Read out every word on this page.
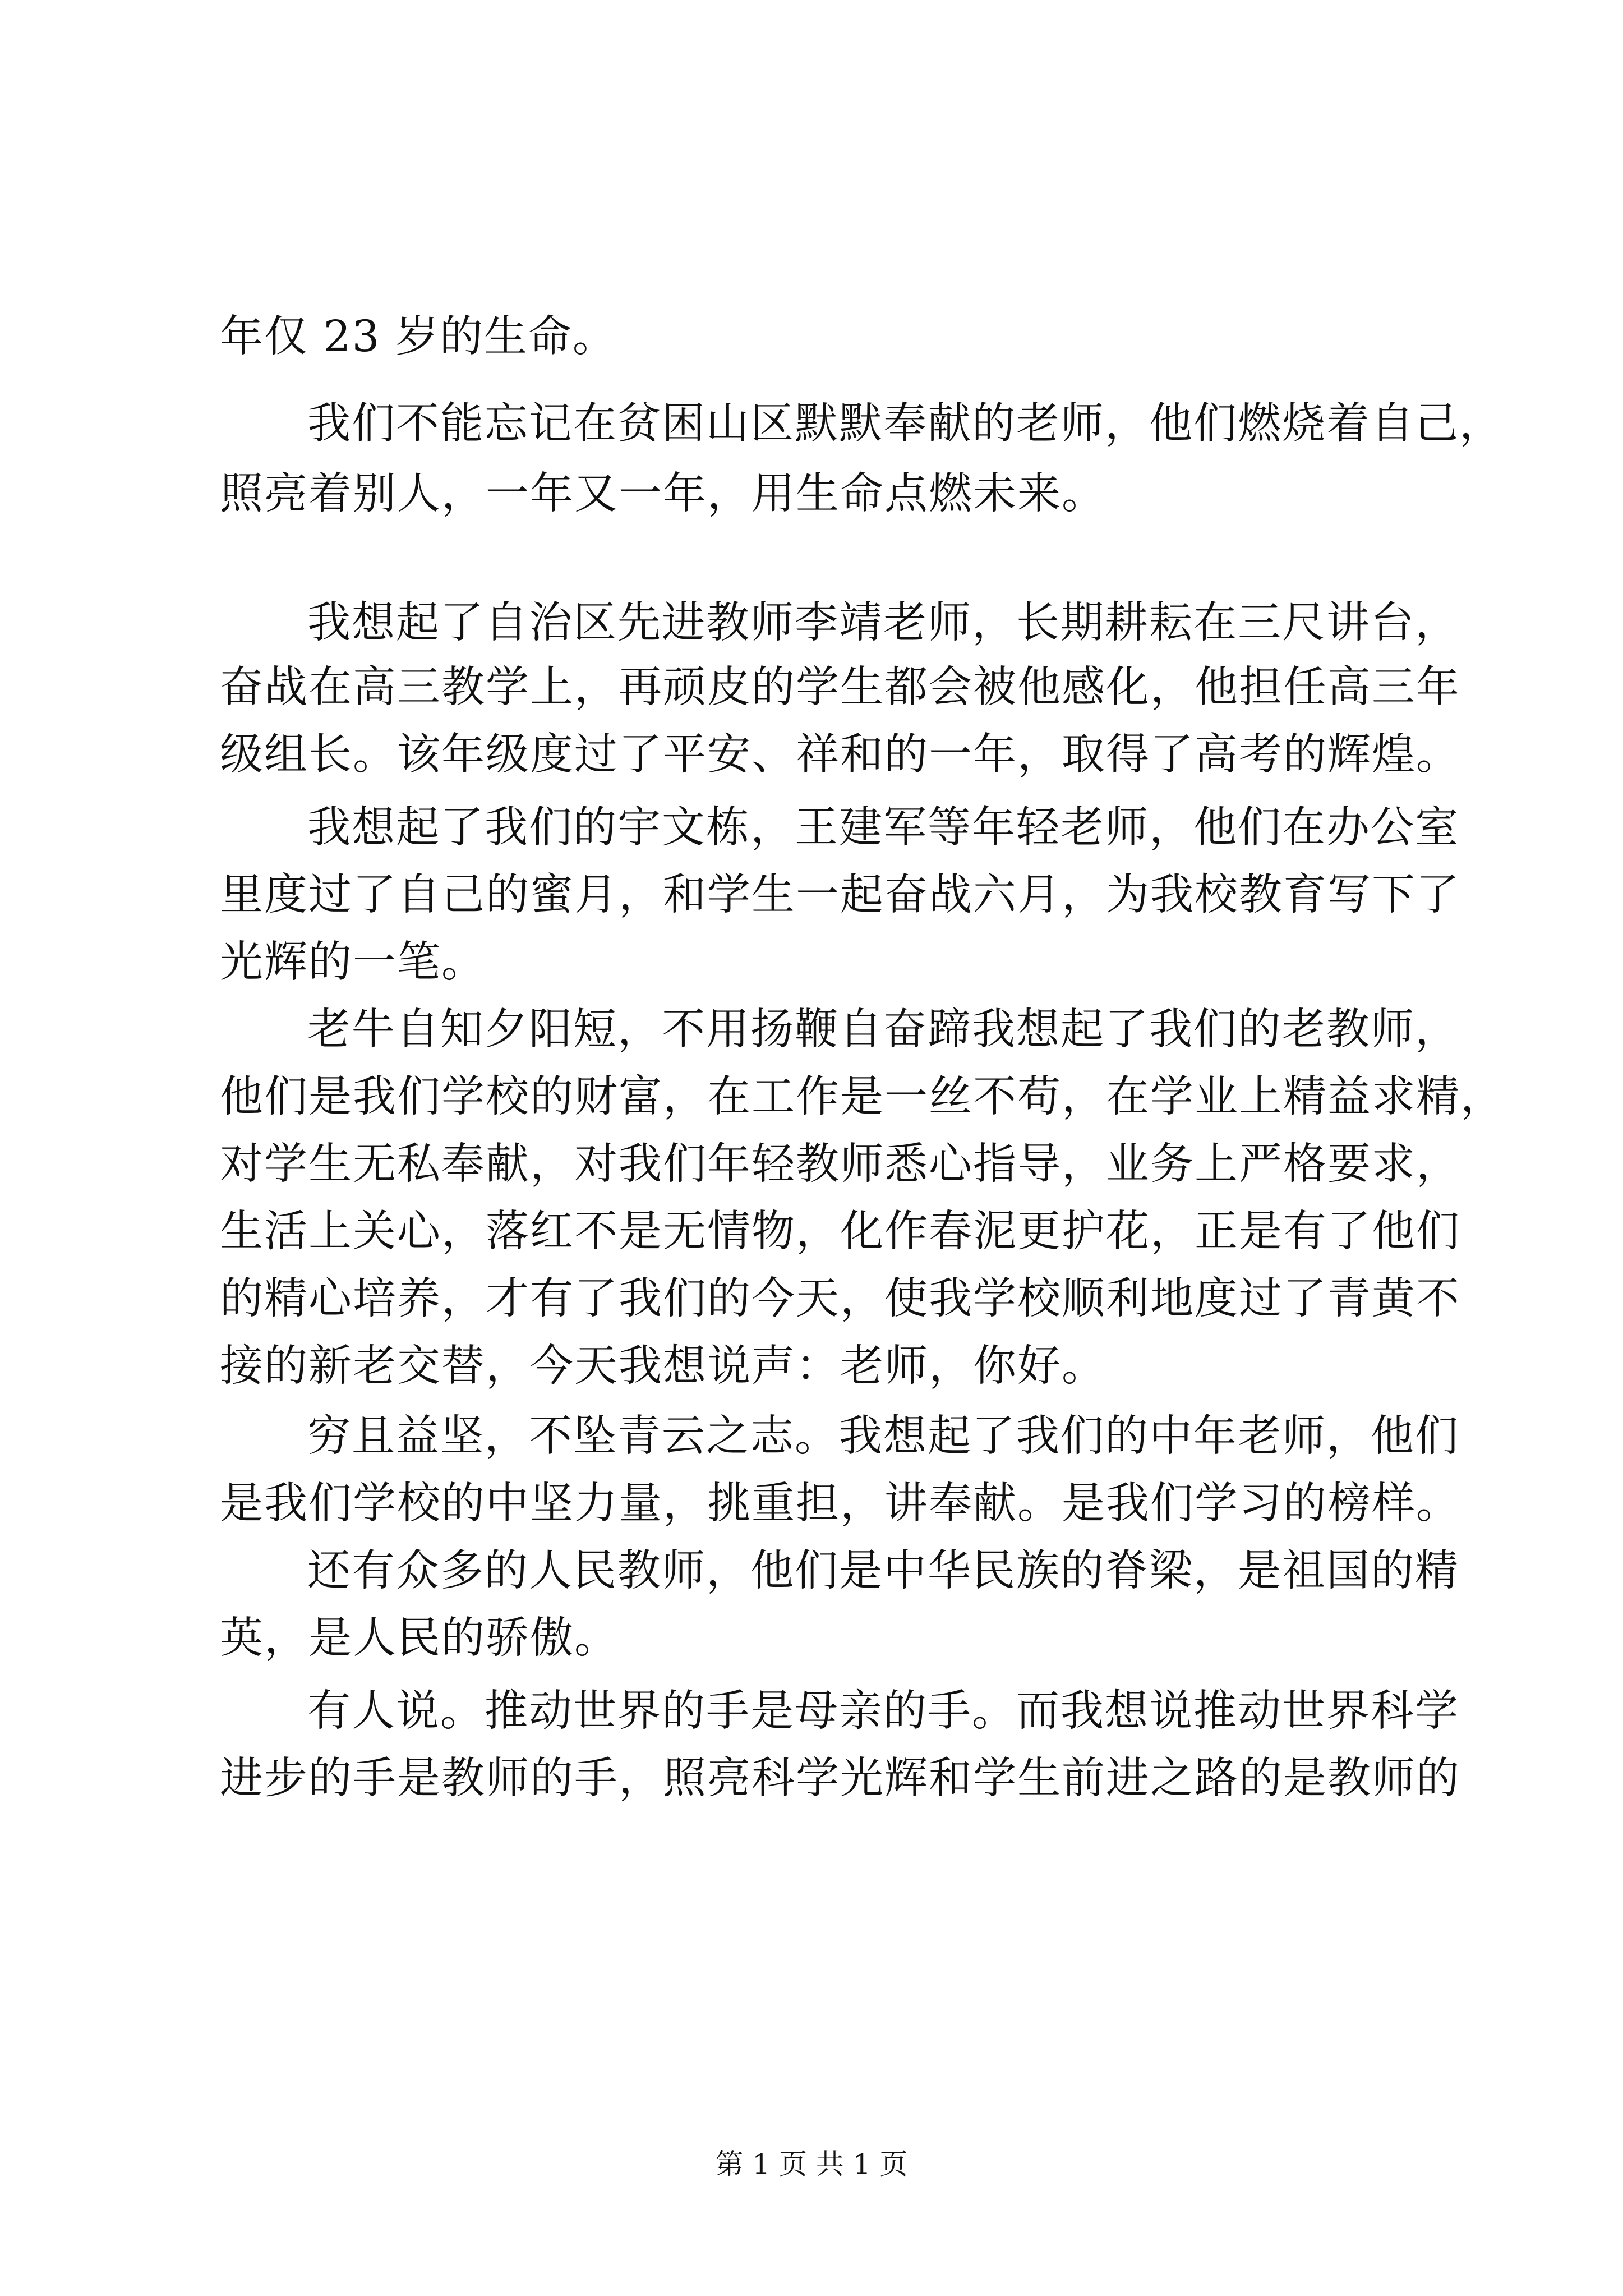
年仅 23 岁的生命。
我们不能忘记在贫困山区默默奉献的老师，他们燃烧着自己，
照亮着别人，一年又一年，用生命点燃未来。
我想起了自治区先进教师李靖老师，长期耕耘在三尺讲台，
奋战在高三教学上，再顽皮的学生都会被他感化，他担任高三年
级组长。该年级度过了平安、祥和的一年，取得了高考的辉煌。
我想起了我们的宇文栋，王建军等年轻老师，他们在办公室
里度过了自己的蜜月，和学生一起奋战六月，为我校教育写下了
光辉的一笔。
老牛自知夕阳短，不用扬鞭自奋蹄我想起了我们的老教师，
他们是我们学校的财富，在工作是一丝不苟，在学业上精益求精，
对学生无私奉献，对我们年轻教师悉心指导，业务上严格要求，
生活上关心，落红不是无情物，化作春泥更护花，正是有了他们
的精心培养，才有了我们的今天，使我学校顺利地度过了青黄不
接的新老交替，今天我想说声：老师，你好。
穷且益坚，不坠青云之志。我想起了我们的中年老师，他们
是我们学校的中坚力量，挑重担，讲奉献。是我们学习的榜样。
还有众多的人民教师，他们是中华民族的脊梁，是祖国的精
英，是人民的骄傲。
有人说。推动世界的手是母亲的手。而我想说推动世界科学
进步的手是教师的手，照亮科学光辉和学生前进之路的是教师的
第 1 页 共 1 页
